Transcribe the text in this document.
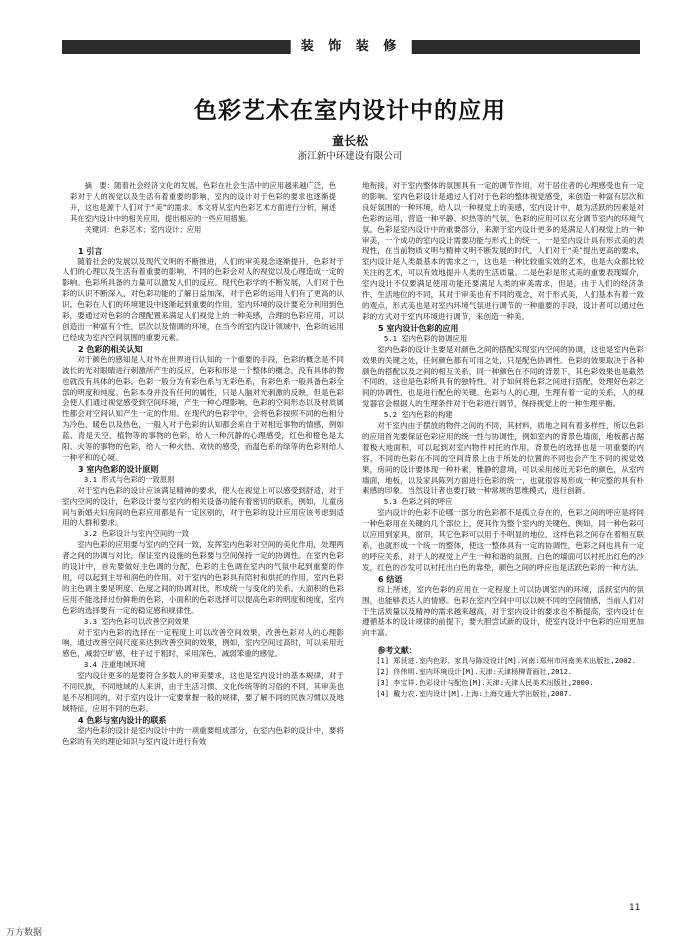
装 饰 装 修
色彩艺术在室内设计中的应用
童长松
浙江新中环建设有限公司

摘　要：随着社会经济文化的发展，色彩在社会生活中的应用越来越广泛，色彩对于人的视觉以及生活有着重要的影响，室内的设计对于色彩的要求也逐渐提升，这也是源于人们对于“美”的需求。本文将从室内色彩艺术方面进行分析，阐述其在室内设计中的相关应用，提出相应的一些应用措施。

关键词：色彩艺术；室内设计；应用

1 引言

随着社会的发展以及现代文明的不断推进，人们的审美观念逐渐提升，色彩对于人们的心理以及生活有着重要的影响，不同的色彩会对人的视觉以及心理造成一定的影响。色彩所具备的力量可以激发人们的反应。现代色彩学的不断发展，人们对于色彩的认识不断深入，对色彩功能的了解日益加深，对于色彩的运用人们有了更高的认识。色彩在人们的环境建设中逐渐起到重要的作用，室内环境的设计要充分利用到色彩，要通过对色彩的合理配置来满足人们视觉上的一种美感，合理的色彩应用，可以创造出一种富有个性，层次以及情调的环境，在当今的室内设计领域中，色彩的运用已经成为室内空间氛围的重要元素。

2 色彩的相关认知

对于颜色的感知是人对外在世界进行认知的一个重要的手段，色彩的概念是不同波长的光对眼睛进行刺激所产生的反应，色彩和形是一个整体的概念，没有具体的物也就没有具体的色彩。色彩一般分为有彩色系与无彩色系，有彩色系一般具备色彩全部的明度和纯度。色彩本身并没有任何的属性，只是人脑对光刺激的反映，但是色彩会使人们通过视觉感受到空间环境，产生一种心理影响。色彩的空间形态以及材质属性都会对空间认知产生一定的作用。在现代的色彩学中，会将色彩按照不同的色相分为冷色、暖色以及热色，一般人对于色彩的认知都会来自于对相近事物的情感，例如蓝、青是天空、植物等的事物的色彩，给人一种沉静的心理感受，红色和橙色是太阳、火等的事物的色彩，给人一种火热、欢快的感受，而温色系的绿等的色彩则给人一种平和的心境。

3 室内色彩的设计原则
3.1 形式与色彩的一致原则

对于室内色彩的设计应该满足精神的要求，使人在视觉上可以感受到舒适，对于室内空间的设计，色彩设计要与室内的相关设备功能有着密切的联系，例如，儿童房间与新婚夫妇房间的色彩应用都是有一定区别的，对于色彩的设计应用应该考虑到适用的人群和要求。

3.2 色彩设计与室内空间的一致

室内色彩的应用要与室内的空间一致，发挥室内色彩对空间的美化作用，处理两者之间的协调与对比，保证室内设施的色彩要与空间保持一定的协调性。在室内色彩的设计中，首先要做好主色调的分配，色彩的主色调在室内的气氛中起到重要的作用，可以起到主导和润色的作用。对于室内的色彩具有陪衬和烘托的作用，室内色彩的主色调主要是明度、色度之间的协调对比，形成统一与变化的关系。大面积的色彩应用不能选择过份鲜艳的色彩，小面积的色彩选择可以提高色彩的明度和纯度，室内色彩的选择要有一定的稳定感和规律性。

3.3 室内色彩可以改善空间效果

对于室内色彩的选择在一定程度上可以改善空间效果，改善色彩对人的心理影响，通过改善空间尺度来达到改善空间的效果，例如，室内空间过高时，可以采用近感色，减弱空旷感，柱子过于粗时，采用深色，减弱笨重的感觉。

3.4 注重地域环境

室内设计更多的是要符合多数人的审美要求，这也是室内设计的基本规律，对于不同民族，不同地域的人来讲，由于生活习惯、文化传统等的习俗的不同，其审美也是不尽相同的，对于室内设计一定要掌握一般的规律，要了解不同的民族习惯以及地域特征，应用不同的色彩。

4 色彩与室内设计的联系

室内色彩的设计是室内设计中的一项重要组成部分，在室内色彩的设计中，要将色彩的有关的理论知识与室内设计进行有效

地衔接，对于室内整体的氛围具有一定的调节作用，对于居住者的心理感受也有一定的影响。室内色彩设计是通过人们对于色彩的整体视觉感受，来创造一种富有层次和良好氛围的一种环境，给人以一种视觉上的美感，室内设计中，最为活跃的因素是对色彩的运用，营造一种平静、炽热等的气氛，色彩的应用可以充分调节室内的环境气氛。色彩是室内设计中的重要部分，来源于室内设计更多的是满足人们视觉上的一种审美，一个成功的室内设计需要功能与形式上的统一。一是室内设计具有形式美的表现性，在当前物质文明与精神文明不断发展的时代，人们对于“美”提出更高的要求，室内设计是人类最基本的需求之一，这也是一种比较重实效的艺术，也是大众都比较关注的艺术，可以有效地提升人类的生活质量。二是色彩是形式美的重要表现媒介，室内设计不仅要满足使用功能还要满足人类的审美需求，但是，由于人们的经济条件、生活地位的不同，其对于审美也有不同的观念，对于形式美，人们基本有着一致的观点，形式美也是对室内环境气氛进行调节的一种重要的手段，设计者可以通过色彩的方式对于室内环境进行调节，来创造一种美。

5 室内设计色彩的应用
5.1 室内色彩的协调应用

室内色彩的设计主要是对颜色之间的搭配实现室内空间的协调，这也是室内色彩效果的关键之处，任何颜色都有可用之处，只是配色协调性。色彩的效果取决于各种颜色的搭配以及之间的相互关系，同一种颜色在不同的背景下，其色彩效果也是截然不同的，这也是色彩所具有的独特性。对于如何将色彩之间进行搭配，处理好色彩之间的协调性，也是进行配色的关键。色彩与人的心理，生理有着一定的关系，人的视觉器官会根据人的生理条件对于色彩进行调节，保持视觉上的一种生理平衡。

5.2 室内色彩的构建

对于室内由于摆放的物件之间的不同，其材料，质地之间有着多样性，所以色彩的应用首先要保证色彩应用的统一性与协调性，例如室内的背景色墙面，地板都占据着极大地面积，可以起到对室内物件衬托的作用，背景色的选择也是一项重要的内容，不同的色彩在不同的空间背景上由于所处的位置的不同也会产生不同的视觉效果，房间的设计要体现一种朴素，雅静的意境，可以采用接近无彩色的颜色，从室内墙面，地板，以及家具陈列方面进行色彩的统一，也就很容易形成一种完整的具有朴素感的印象。当然设计者也要打破一种常规的思维模式，进行创新。

5.3 色彩之间的呼应

室内设计的色彩不论哪一部分的色彩都不是孤立存在的，色彩之间的呼应是将同一种色彩用在关键的几个部位上，使其作为整个室内的关键色。例如，同一种色彩可以应用到家具，窗帘，其它色彩可以用于不明显的地位，这样色彩之间存在着相互联系，也就形成一个统一的整体，使这一整体具有一定的协调性，色彩之间也具有一定的呼应关系，对于人的视觉上产生一种和谐的氛围。白色的墙面可以衬托出红色的沙发，红色的沙发可以衬托出白色的靠垫，颜色之间的呼应也是活跃色彩的一种方法。

6 结语

综上所述，室内色彩的应用在一定程度上可以协调室内的环境，活跃室内的氛围，也能够表达人的情感。色彩在室内空间中可以以映不同的空间情感，当前人们对于生活质量以及精神的需求越来越高，对于室内设计的要求也不断提高，室内设计在遵循基本的设计规律的前提下，要大胆尝试新的设计，使室内设计中色彩的应用更加向丰富。

参考文献：
[1] 郑艮进.室内色彩、家具与陈设设计[M].河南:郑州市河南美术出版社,2002.
[2] 佟伟明.室内环境设计[M].天津:天津杨柳青画社,2012.
[3] 李宝祥.色彩设计与配色[M].天津:天津人民美术出版社,2000.
[4] 戴力农.室内设计[M].上海:上海交通大学出版社,2007.
11
万方数据
